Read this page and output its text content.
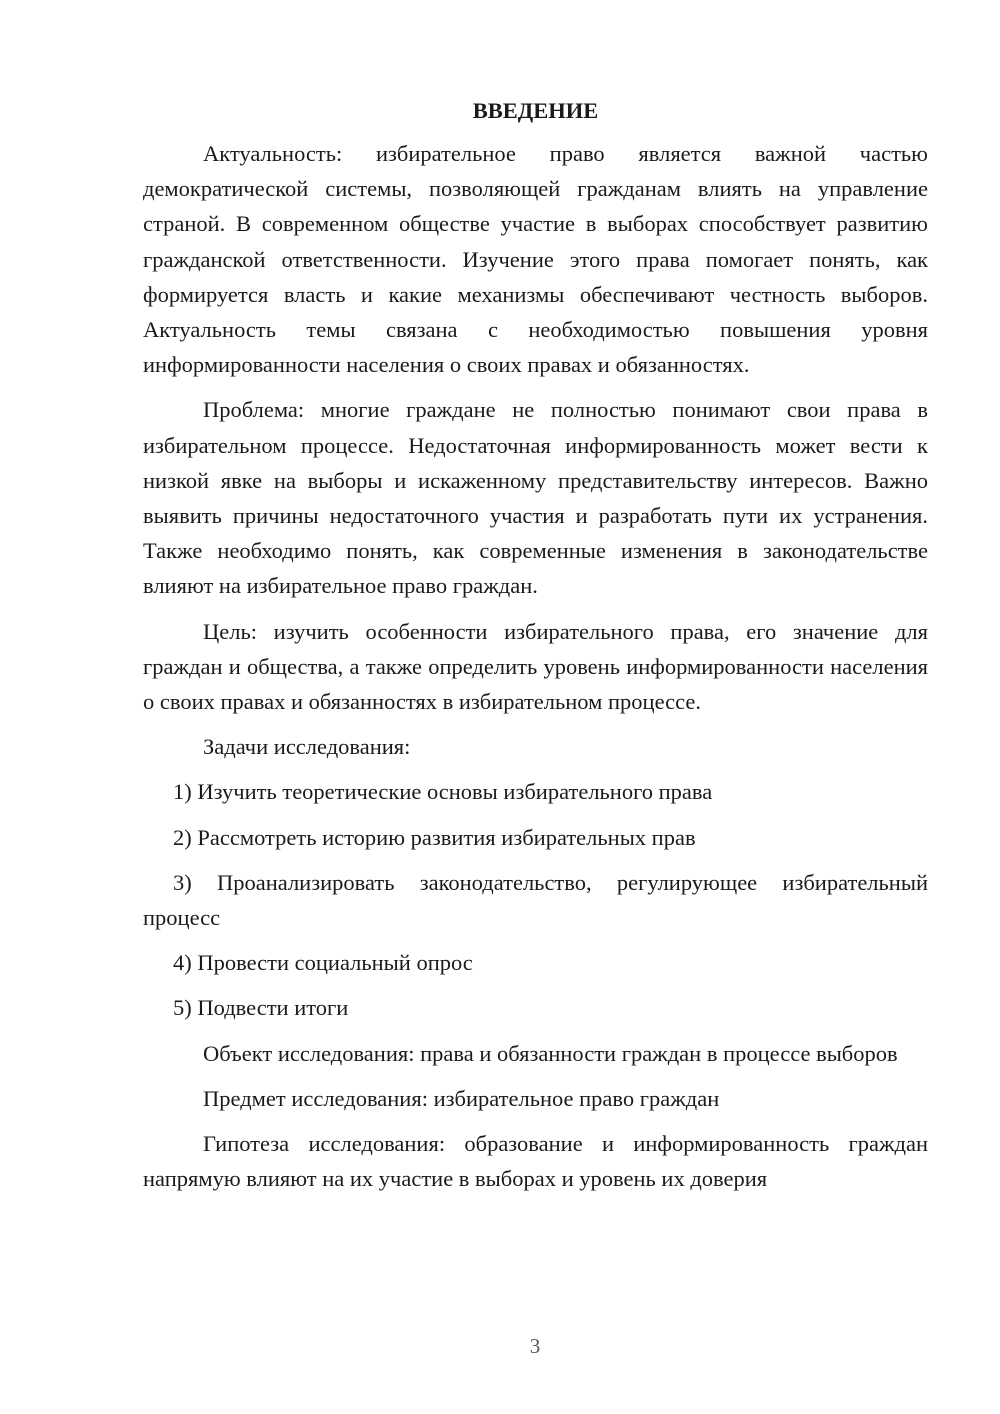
ВВЕДЕНИЕ

Актуальность: избирательное право является важной частью демократической системы, позволяющей гражданам влиять на управление страной. В современном обществе участие в выборах способствует развитию гражданской ответственности. Изучение этого права помогает понять, как формируется власть и какие механизмы обеспечивают честность выборов. Актуальность темы связана с необходимостью повышения уровня информированности населения о своих правах и обязанностях.

Проблема: многие граждане не полностью понимают свои права в избирательном процессе. Недостаточная информированность может вести к низкой явке на выборы и искаженному представительству интересов. Важно выявить причины недостаточного участия и разработать пути их устранения. Также необходимо понять, как современные изменения в законодательстве влияют на избирательное право граждан.

Цель: изучить особенности избирательного права, его значение для граждан и общества, а также определить уровень информированности населения о своих правах и обязанностях в избирательном процессе.

Задачи исследования:

1) Изучить теоретические основы избирательного права

2) Рассмотреть историю развития избирательных прав

3) Проанализировать законодательство, регулирующее избирательный процесс

4) Провести социальный опрос

5) Подвести итоги

Объект исследования: права и обязанности граждан в процессе выборов

Предмет исследования: избирательное право граждан

Гипотеза исследования: образование и информированность граждан напрямую влияют на их участие в выборах и уровень их доверия

3
